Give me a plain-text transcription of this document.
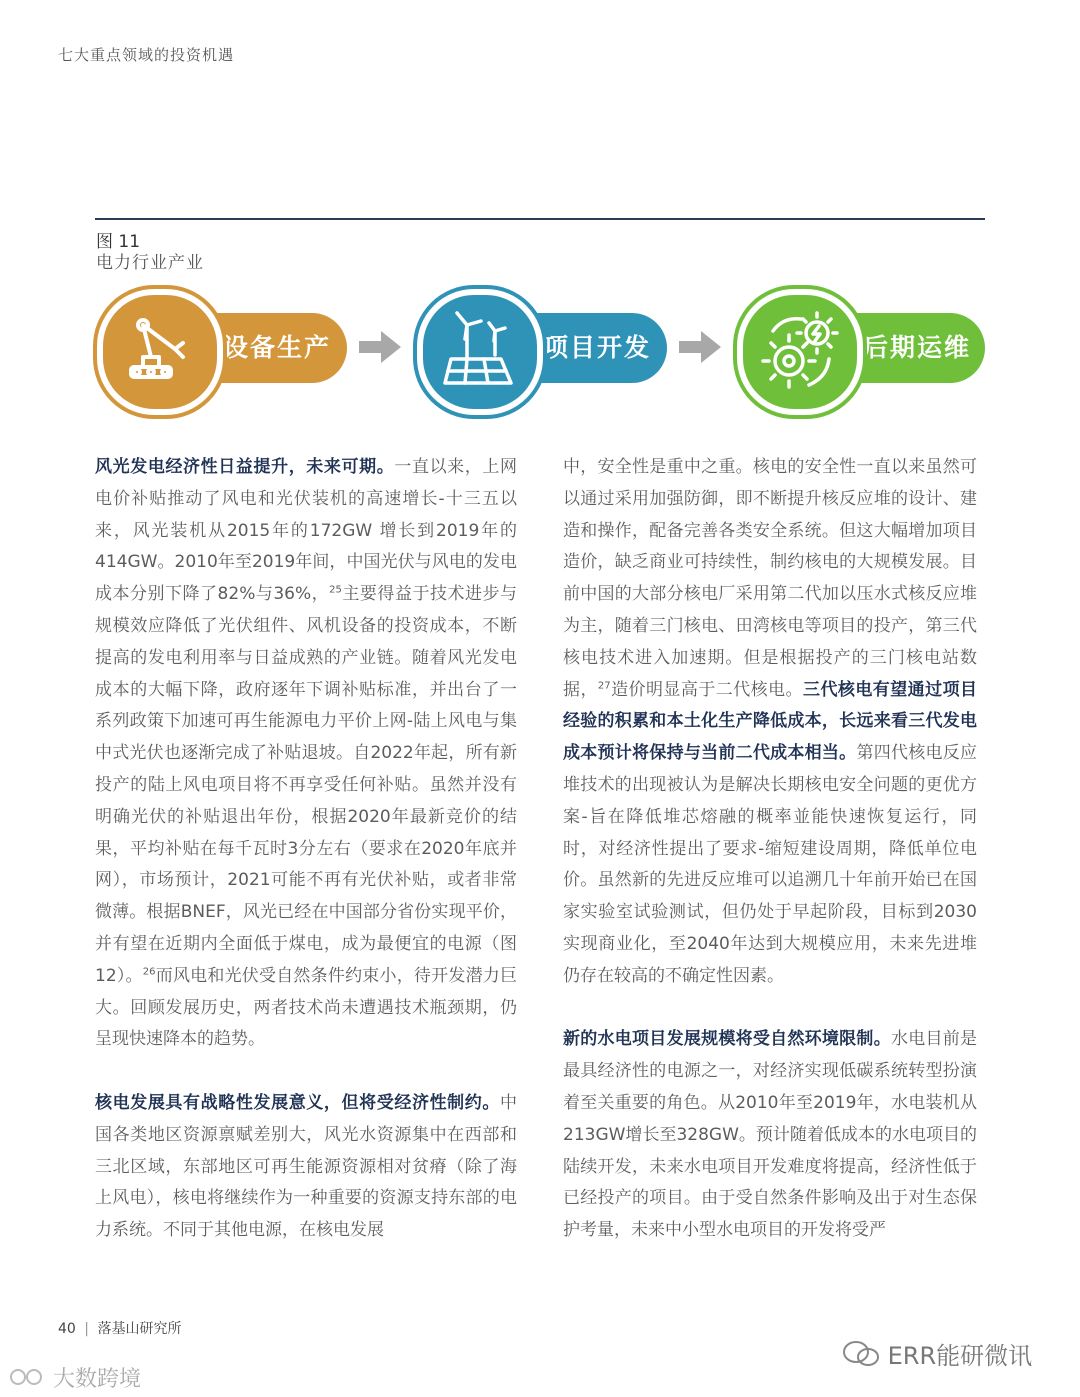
七大重点领域的投资机遇
图 11
电力行业产业
设备生产	项目开发	后期运维

风光发电经济性日益提升，未来可期。一直以来，上网电价补贴推动了风电和光伏装机的高速增长-十三五以来，风光装机从2015年的172GW 增长到2019年的414GW。2010年至2019年间，中国光伏与风电的发电成本分别下降了82%与36%，$^{25}$主要得益于技术进步与规模效应降低了光伏组件、风机设备的投资成本，不断提高的发电利用率与日益成熟的产业链。随着风光发电成本的大幅下降，政府逐年下调补贴标准，并出台了一系列政策下加速可再生能源电力平价上网-陆上风电与集中式光伏也逐渐完成了补贴退坡。自2022年起，所有新投产的陆上风电项目将不再享受任何补贴。虽然并没有明确光伏的补贴退出年份，根据2020年最新竞价的结果，平均补贴在每千瓦时3分左右（要求在2020年底并网），市场预计，2021可能不再有光伏补贴，或者非常微薄。根据BNEF，风光已经在中国部分省份实现平价，并有望在近期内全面低于煤电，成为最便宜的电源（图12）。$^{26}$而风电和光伏受自然条件约束小，待开发潜力巨大。回顾发展历史，两者技术尚未遭遇技术瓶颈期，仍呈现快速降本的趋势。

核电发展具有战略性发展意义，但将受经济性制约。中国各类地区资源禀赋差别大，风光水资源集中在西部和三北区域，东部地区可再生能源资源相对贫瘠（除了海上风电），核电将继续作为一种重要的资源支持东部的电力系统。不同于其他电源，在核电发展

中，安全性是重中之重。核电的安全性一直以来虽然可以通过采用加强防御，即不断提升核反应堆的设计、建造和操作，配备完善各类安全系统。但这大幅增加项目造价，缺乏商业可持续性，制约核电的大规模发展。目前中国的大部分核电厂采用第二代加以压水式核反应堆为主，随着三门核电、田湾核电等项目的投产，第三代核电技术进入加速期。但是根据投产的三门核电站数据，$^{27}$造价明显高于二代核电。三代核电有望通过项目经验的积累和本土化生产降低成本，长远来看三代发电成本预计将保持与当前二代成本相当。第四代核电反应堆技术的出现被认为是解决长期核电安全问题的更优方案-旨在降低堆芯熔融的概率並能快速恢复运行，同时，对经济性提出了要求-缩短建设周期，降低单位电价。虽然新的先进反应堆可以追溯几十年前开始已在国家实验室试验测试，但仍处于早起阶段，目标到2030实现商业化，至2040年达到大规模应用，未来先进堆仍存在较高的不确定性因素。

新的水电项目发展规模将受自然环境限制。水电目前是最具经济性的电源之一，对经济实现低碳系统转型扮演着至关重要的角色。从2010年至2019年，水电装机从213GW增长至328GW。预计随着低成本的水电项目的陆续开发，未来水电项目开发难度将提高，经济性低于已经投产的项目。由于受自然条件影响及出于对生态保护考量，未来中小型水电项目的开发将受严

40 | 落基山研究所
ERR能研微讯
大数跨境
